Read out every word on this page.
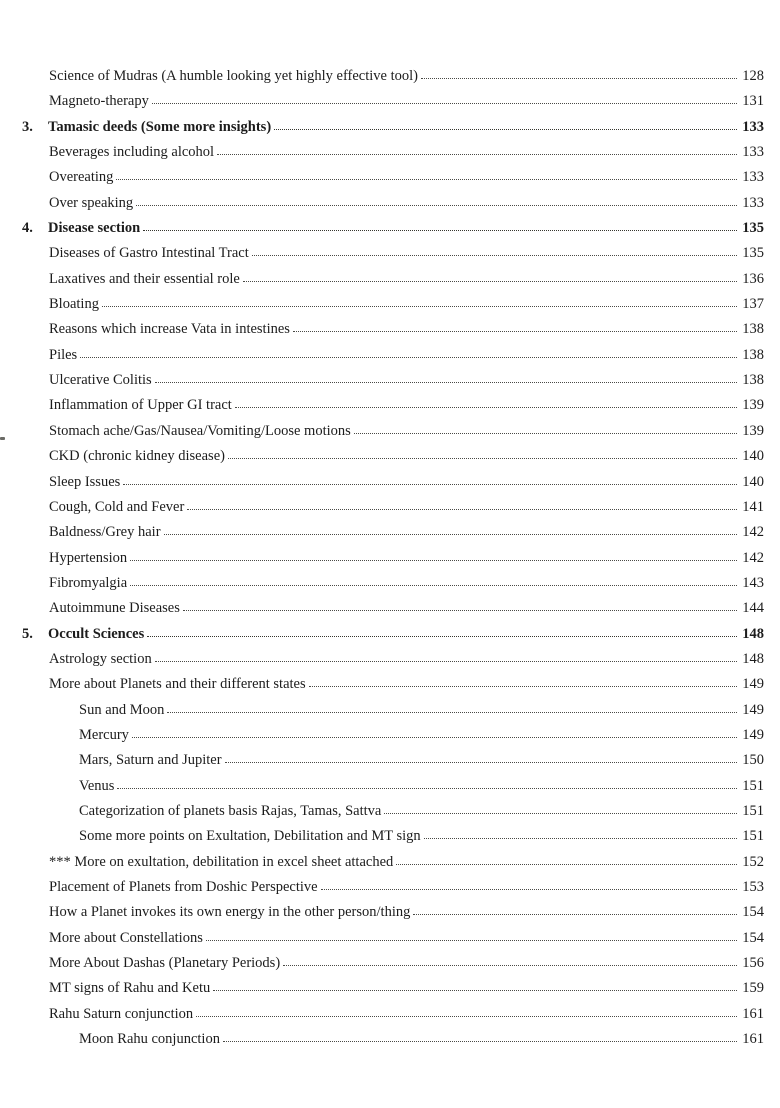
Science of Mudras (A humble looking yet highly effective tool)	128
Magneto-therapy	131
3.	Tamasic deeds (Some more insights)	133
Beverages including alcohol	133
Overeating	133
Over speaking	133
4.	Disease section	135
Diseases of Gastro Intestinal Tract	135
Laxatives and their essential role	136
Bloating	137
Reasons which increase Vata in intestines	138
Piles	138
Ulcerative Colitis	138
Inflammation of Upper GI tract	139
Stomach ache/Gas/Nausea/Vomiting/Loose motions	139
CKD (chronic kidney disease)	140
Sleep Issues	140
Cough, Cold and Fever	141
Baldness/Grey hair	142
Hypertension	142
Fibromyalgia	143
Autoimmune Diseases	144
5.	Occult Sciences	148
Astrology section	148
More about Planets and their different states	149
Sun and Moon	149
Mercury	149
Mars, Saturn and Jupiter	150
Venus	151
Categorization of planets basis Rajas, Tamas, Sattva	151
Some more points on Exultation, Debilitation and MT sign	151
*** More on exultation, debilitation in excel sheet attached	152
Placement of Planets from Doshic Perspective	153
How a Planet invokes its own energy in the other person/thing	154
More about Constellations	154
More About Dashas (Planetary Periods)	156
MT signs of Rahu and Ketu	159
Rahu Saturn conjunction	161
Moon Rahu conjunction	161
